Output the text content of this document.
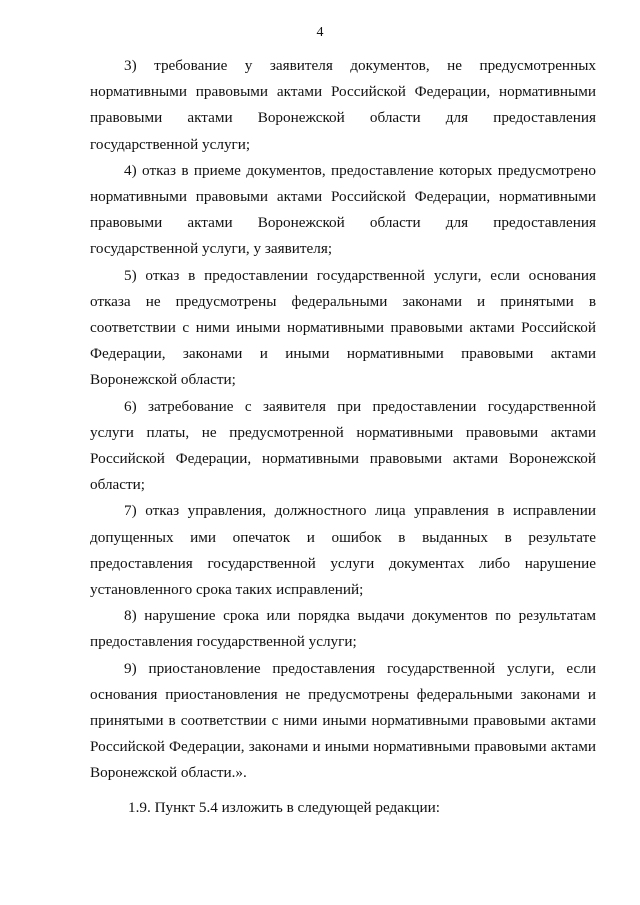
4

3) требование у заявителя документов, не предусмотренных нормативными правовыми актами Российской Федерации, нормативными правовыми актами Воронежской области для предоставления государственной услуги;

4) отказ в приеме документов, предоставление которых предусмотрено нормативными правовыми актами Российской Федерации, нормативными правовыми актами Воронежской области для предоставления государственной услуги, у заявителя;

5) отказ в предоставлении государственной услуги, если основания отказа не предусмотрены федеральными законами и принятыми в соответствии с ними иными нормативными правовыми актами Российской Федерации, законами и иными нормативными правовыми актами Воронежской области;

6) затребование с заявителя при предоставлении государственной услуги платы, не предусмотренной нормативными правовыми актами Российской Федерации, нормативными правовыми актами Воронежской области;

7) отказ управления, должностного лица управления в исправлении допущенных ими опечаток и ошибок в выданных в результате предоставления государственной услуги документах либо нарушение установленного срока таких исправлений;

8) нарушение срока или порядка выдачи документов по результатам предоставления государственной услуги;

9) приостановление предоставления государственной услуги, если основания приостановления не предусмотрены федеральными законами и принятыми в соответствии с ними иными нормативными правовыми актами Российской Федерации, законами и иными нормативными правовыми актами Воронежской области.».

1.9. Пункт 5.4 изложить в следующей редакции:
